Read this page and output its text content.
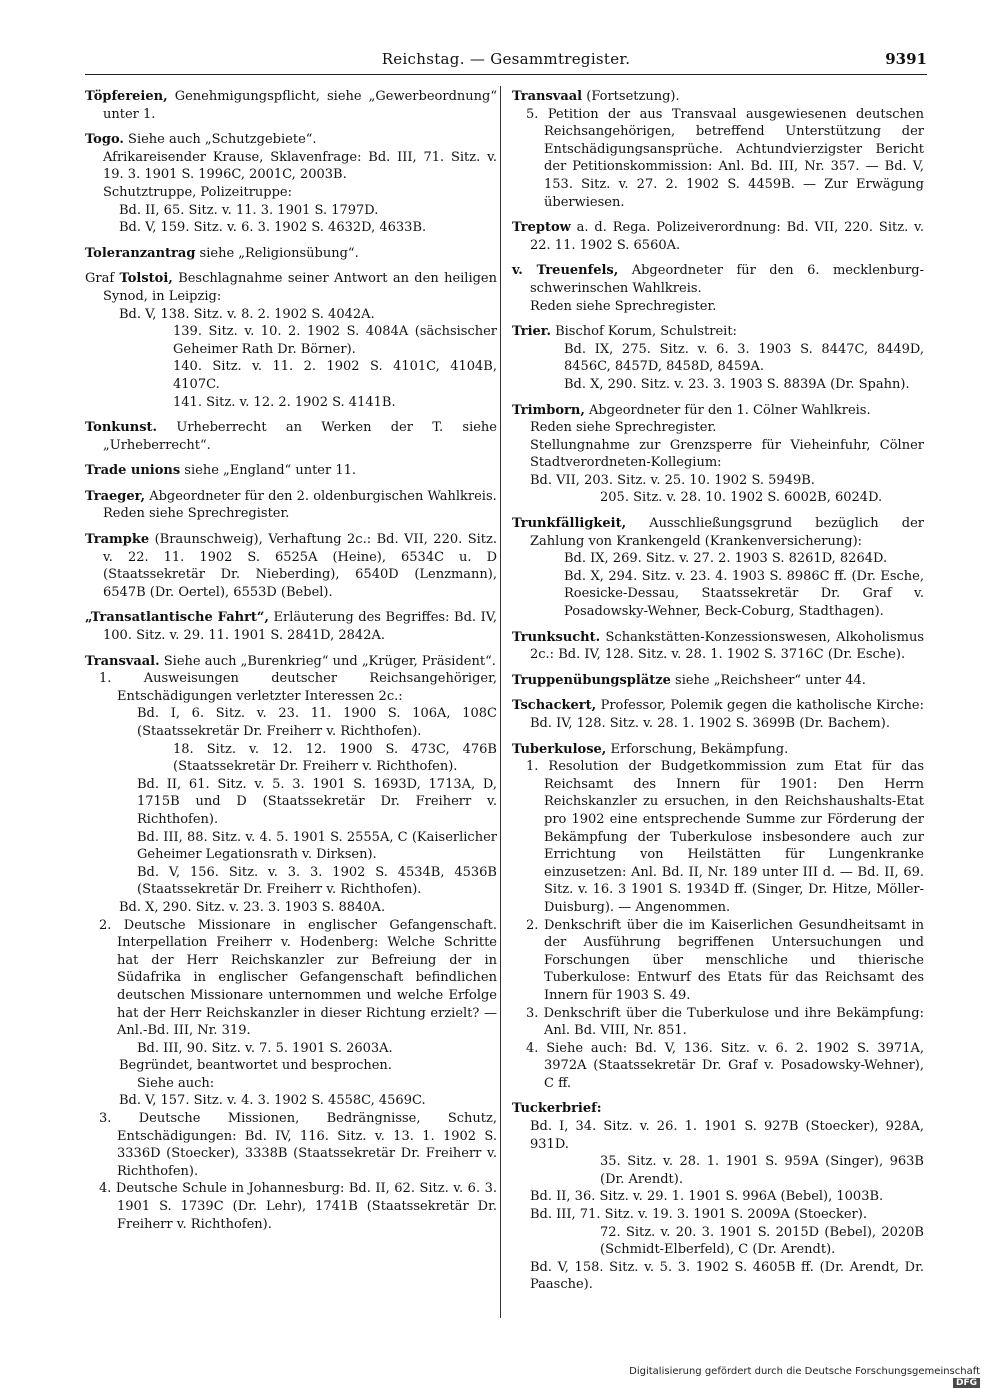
Reichstag. — Gesammtregister.	9391

Töpfereien, Genehmigungspflicht, siehe „Gewerbeordnung“ unter 1.

Togo. Siehe auch „Schutzgebiete“.

Afrikareisender Krause, Sklavenfrage: Bd. III, 71. Sitz. v. 19. 3. 1901 S. 1996C, 2001C, 2003B.

Schutztruppe, Polizeitruppe:

Bd. II, 65. Sitz. v. 11. 3. 1901 S. 1797D.

Bd. V, 159. Sitz. v. 6. 3. 1902 S. 4632D, 4633B.

Toleranzantrag siehe „Religionsübung“.

Graf Tolstoi, Beschlagnahme seiner Antwort an den heiligen Synod, in Leipzig:

Bd. V, 138. Sitz. v. 8. 2. 1902 S. 4042A.

139. Sitz. v. 10. 2. 1902 S. 4084A (sächsischer Geheimer Rath Dr. Börner).

140. Sitz. v. 11. 2. 1902 S. 4101C, 4104B, 4107C.

141. Sitz. v. 12. 2. 1902 S. 4141B.

Tonkunst. Urheberrecht an Werken der T. siehe „Urheberrecht“.

Trade unions siehe „England“ unter 11.

Traeger, Abgeordneter für den 2. oldenburgischen Wahlkreis.

Reden siehe Sprechregister.

Trampke (Braunschweig), Verhaftung 2c.: Bd. VII, 220. Sitz. v. 22. 11. 1902 S. 6525A (Heine), 6534C u. D (Staatssekretär Dr. Nieberding), 6540D (Lenzmann), 6547B (Dr. Oertel), 6553D (Bebel).

„Transatlantische Fahrt“, Erläuterung des Begriffes: Bd. IV, 100. Sitz. v. 29. 11. 1901 S. 2841D, 2842A.

Transvaal. Siehe auch „Burenkrieg“ und „Krüger, Präsident“.

1. Ausweisungen deutscher Reichsangehöriger, Entschädigungen verletzter Interessen 2c.:

Bd. I, 6. Sitz. v. 23. 11. 1900 S. 106A, 108C (Staatssekretär Dr. Freiherr v. Richthofen).

18. Sitz. v. 12. 12. 1900 S. 473C, 476B (Staatssekretär Dr. Freiherr v. Richthofen).

Bd. II, 61. Sitz. v. 5. 3. 1901 S. 1693D, 1713A, D, 1715B und D (Staatssekretär Dr. Freiherr v. Richthofen).

Bd. III, 88. Sitz. v. 4. 5. 1901 S. 2555A, C (Kaiserlicher Geheimer Legationsrath v. Dirksen).

Bd. V, 156. Sitz. v. 3. 3. 1902 S. 4534B, 4536B (Staatssekretär Dr. Freiherr v. Richthofen).

Bd. X, 290. Sitz. v. 23. 3. 1903 S. 8840A.

2. Deutsche Missionare in englischer Gefangenschaft. Interpellation Freiherr v. Hodenberg: Welche Schritte hat der Herr Reichskanzler zur Befreiung der in Südafrika in englischer Gefangenschaft befindlichen deutschen Missionare unternommen und welche Erfolge hat der Herr Reichskanzler in dieser Richtung erzielt? — Anl.-Bd. III, Nr. 319.

Bd. III, 90. Sitz. v. 7. 5. 1901 S. 2603A.

Begründet, beantwortet und besprochen.

Siehe auch:

Bd. V, 157. Sitz. v. 4. 3. 1902 S. 4558C, 4569C.

3. Deutsche Missionen, Bedrängnisse, Schutz, Entschädigungen: Bd. IV, 116. Sitz. v. 13. 1. 1902 S. 3336D (Stoecker), 3338B (Staatssekretär Dr. Freiherr v. Richthofen).

4. Deutsche Schule in Johannesburg: Bd. II, 62. Sitz. v. 6. 3. 1901 S. 1739C (Dr. Lehr), 1741B (Staatssekretär Dr. Freiherr v. Richthofen).

Transvaal (Fortsetzung).

5. Petition der aus Transvaal ausgewiesenen deutschen Reichsangehörigen, betreffend Unterstützung der Entschädigungsansprüche. Achtundvierzigster Bericht der Petitionskommission: Anl. Bd. III, Nr. 357. — Bd. V, 153. Sitz. v. 27. 2. 1902 S. 4459B. — Zur Erwägung überwiesen.

Treptow a. d. Rega. Polizeiverordnung: Bd. VII, 220. Sitz. v. 22. 11. 1902 S. 6560A.

v. Treuenfels, Abgeordneter für den 6. mecklenburg-schwerinschen Wahlkreis.

Reden siehe Sprechregister.

Trier. Bischof Korum, Schulstreit:

Bd. IX, 275. Sitz. v. 6. 3. 1903 S. 8447C, 8449D, 8456C, 8457D, 8458D, 8459A.

Bd. X, 290. Sitz. v. 23. 3. 1903 S. 8839A (Dr. Spahn).

Trimborn, Abgeordneter für den 1. Cölner Wahlkreis.

Reden siehe Sprechregister.

Stellungnahme zur Grenzsperre für Vieheinfuhr, Cölner Stadtverordneten-Kollegium:

Bd. VII, 203. Sitz. v. 25. 10. 1902 S. 5949B.

205. Sitz. v. 28. 10. 1902 S. 6002B, 6024D.

Trunkfälligkeit, Ausschließungsgrund bezüglich der Zahlung von Krankengeld (Krankenversicherung):

Bd. IX, 269. Sitz. v. 27. 2. 1903 S. 8261D, 8264D.

Bd. X, 294. Sitz. v. 23. 4. 1903 S. 8986C ff. (Dr. Esche, Roesicke-Dessau, Staatssekretär Dr. Graf v. Posadowsky-Wehner, Beck-Coburg, Stadthagen).

Trunksucht. Schankstätten-Konzessionswesen, Alkoholismus 2c.: Bd. IV, 128. Sitz. v. 28. 1. 1902 S. 3716C (Dr. Esche).

Truppenübungsplätze siehe „Reichsheer“ unter 44.

Tschackert, Professor, Polemik gegen die katholische Kirche: Bd. IV, 128. Sitz. v. 28. 1. 1902 S. 3699B (Dr. Bachem).

Tuberkulose, Erforschung, Bekämpfung.

1. Resolution der Budgetkommission zum Etat für das Reichsamt des Innern für 1901: Den Herrn Reichskanzler zu ersuchen, in den Reichshaushalts-Etat pro 1902 eine entsprechende Summe zur Förderung der Bekämpfung der Tuberkulose insbesondere auch zur Errichtung von Heilstätten für Lungenkranke einzusetzen: Anl. Bd. II, Nr. 189 unter III d. — Bd. II, 69. Sitz. v. 16. 3 1901 S. 1934D ff. (Singer, Dr. Hitze, Möller-Duisburg). — Angenommen.

2. Denkschrift über die im Kaiserlichen Gesundheitsamt in der Ausführung begriffenen Untersuchungen und Forschungen über menschliche und thierische Tuberkulose: Entwurf des Etats für das Reichsamt des Innern für 1903 S. 49.

3. Denkschrift über die Tuberkulose und ihre Bekämpfung: Anl. Bd. VIII, Nr. 851.

4. Siehe auch: Bd. V, 136. Sitz. v. 6. 2. 1902 S. 3971A, 3972A (Staatssekretär Dr. Graf v. Posadowsky-Wehner), C ff.

Tuckerbrief:

Bd. I, 34. Sitz. v. 26. 1. 1901 S. 927B (Stoecker), 928A, 931D.

35. Sitz. v. 28. 1. 1901 S. 959A (Singer), 963B (Dr. Arendt).

Bd. II, 36. Sitz. v. 29. 1. 1901 S. 996A (Bebel), 1003B.

Bd. III, 71. Sitz. v. 19. 3. 1901 S. 2009A (Stoecker).

72. Sitz. v. 20. 3. 1901 S. 2015D (Bebel), 2020B (Schmidt-Elberfeld), C (Dr. Arendt).

Bd. V, 158. Sitz. v. 5. 3. 1902 S. 4605B ff. (Dr. Arendt, Dr. Paasche).

Digitalisierung gefördert durch die Deutsche ForschungsgemeinschaftDFG
